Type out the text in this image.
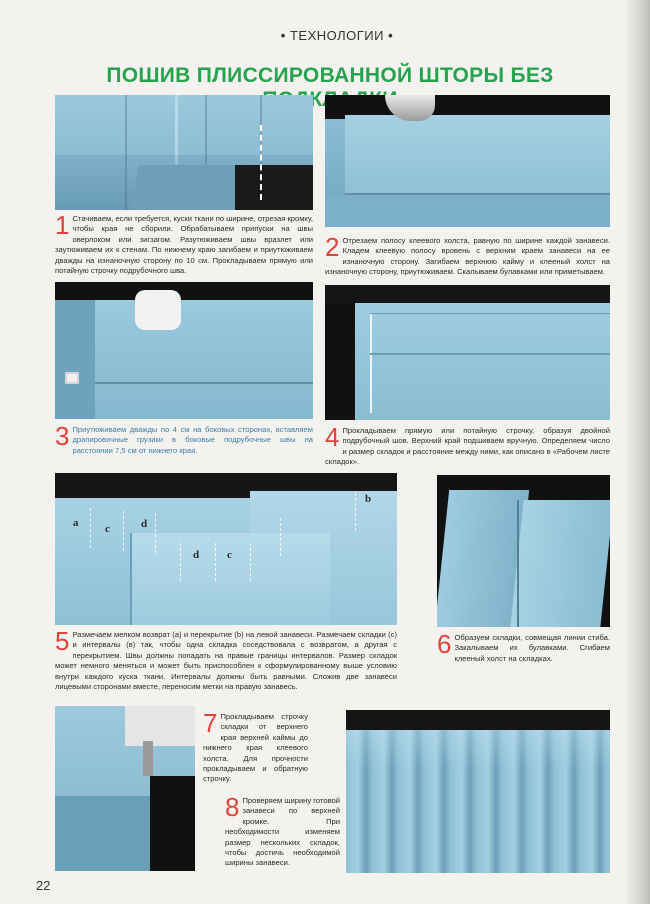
• ТЕХНОЛОГИИ •
ПОШИВ ПЛИССИРОВАННОЙ ШТОРЫ БЕЗ
1 Стачиваем, если требуется, куски ткани по ширине, отрезая кромку, чтобы края не сборили. Обрабатываем припуски на швы оверлоком или зигзагом. Разутюживаем швы вразлет или заутюживаем их к стенам. По нижнему краю загибаем и приутюживаем дважды на изнаночную сторону по 10 см. Прокладываем прямую или потайную строчку подрубочного шва.
2 Отрезаем полосу клеевого холста, равную по ширине каждой занавеси. Кладем клеевую полосу вровень с верхним краем занавеси на ее изнаночную сторону. Загибаем верхнюю кайму и клееный холст на изнаночную сторону, приутюживаем. Скалываем булавками или приметываем.
3 Приутюживаем дважды по 4 см на боковых сторонах, вставляем драпировочные грузики в боковые подрубочные швы на расстоянии 7,5 см от нижнего края.	4 Прокладываем прямую или потайную строчку, образуя двойной подрубочный шов. Верхний край подшиваем вручную. Определяем число и размер складок и расстояние между ними, как описано в «Рабочем листе складок».
a c	d
d	c
b
5 Размечаем мелком возврат (a) и перекрытие (b) на левой занавеси. Размечаем складки (c) и интервалы (в) так, чтобы одна складка соседствовала с возвратом, а другая с перекрытием. Швы должны попадать на правые границы интервалов. Размер складок может немного меняться и может быть приспособлен к сформулированному выше условию внутри каждого куска ткани. Интервалы должны быть равными. Сложив две занавеси лицевыми сторонами вместе, переносим метки на правую занавесь.
6 Образуем складки, совмещая линии стиба. Закалываем их булавками. Сгибаем клееный холст на складках.
7 Прокладываем строчку складки от верхнего края верхней каймы до нижнего края клеевого холста. Для прочности прокладываем и обратную строчку.
8 Проверяем ширину готовой занавеси по верхней кромке. При необходимости изменяем размер нескольких складок, чтобы достичь необходимой ширины занавеси.
22
